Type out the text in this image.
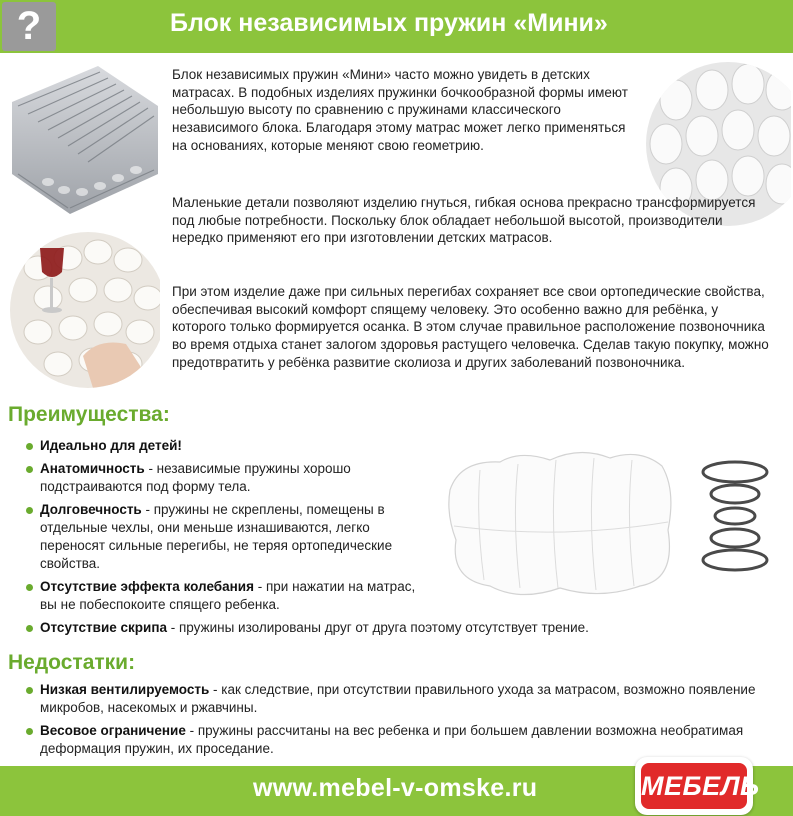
?	Блок независимых пружин «Мини»

Блок независимых пружин «Мини» часто можно увидеть в детских матрасах. В подобных изделиях пружинки бочкообразной формы имеют небольшую высоту по сравнению с пружинами классического независимого блока. Благодаря этому матрас может легко применяться на основаниях, которые меняют свою геометрию.

Маленькие детали позволяют изделию гнуться, гибкая основа прекрасно трансформируется под любые потребности. Поскольку блок обладает небольшой высотой, производители нередко применяют его при изготовлении детских матрасов.

При этом изделие даже при сильных перегибах сохраняет все свои ортопедические свойства, обеспечивая высокий комфорт спящему человеку. Это особенно важно для ребёнка, у которого только формируется осанка. В этом случае правильное расположение позвоночника во время отдыха станет залогом здоровья растущего человечка. Сделав такую покупку, можно предотвратить у ребёнка развитие сколиоза и других заболеваний позвоночника.

Преимущества:
Идеально для детей!
Анатомичность - независимые пружины хорошо подстраиваются под форму тела.
Долговечность - пружины не скреплены, помещены в отдельные чехлы, они меньше изнашиваются, легко переносят сильные перегибы, не теряя ортопедические свойства.
Отсутствие эффекта колебания - при нажатии на матрас, вы не побеспокоите спящего ребенка.
Отсутствие скрипа - пружины изолированы друг от друга поэтому отсутствует трение.
Недостатки:
Низкая вентилируемость - как следствие, при отсутствии правильного ухода за матрасом, возможно появление микробов, насекомых и ржавчины.
Весовое ограничение - пружины рассчитаны на вес ребенка и при большем давлении возможна необратимая деформация пружин, их проседание.
www.mebel-v-omske.ru	МЕБЕЛЬ
